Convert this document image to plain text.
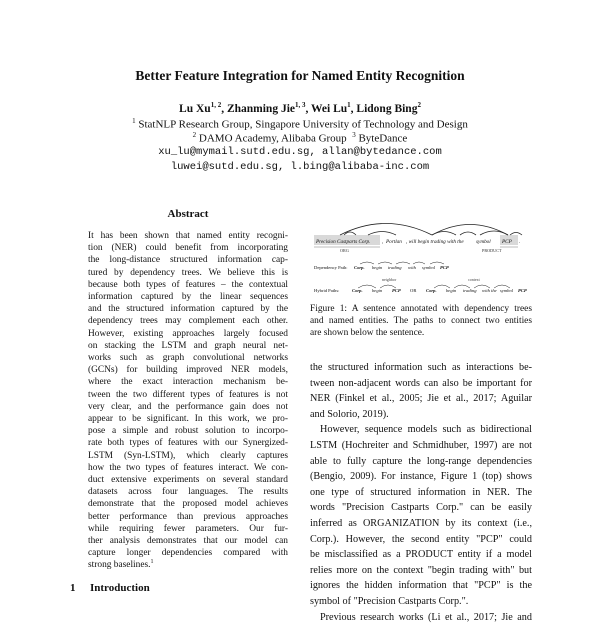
Better Feature Integration for Named Entity Recognition
Lu Xu$^{1, 2}$, Zhanming Jie$^{1, 3}$, Wei Lu$^1$, Lidong Bing$^2$
$^1$ StatNLP Research Group, Singapore University of Technology and Design
$^2$ DAMO Academy, Alibaba Group $^3$ ByteDance
xu_lu@mymail.sutd.edu.sg, allan@bytedance.com
luwei@sutd.edu.sg, l.bing@alibaba-inc.com
Abstract
It has been shown that named entity recogni-
tion (NER) could benefit from incorporating
the long-distance structured information cap-
tured by dependency trees. We believe this is
because both types of features – the contextual
information captured by the linear sequences
and the structured information captured by the
dependency trees may complement each other.
However, existing approaches largely focused
on stacking the LSTM and graph neural net-
works such as graph convolutional networks
(GCNs) for building improved NER models,
where the exact interaction mechanism be-
tween the two different types of features is not
very clear, and the performance gain does not
appear to be significant. In this work, we pro-
pose a simple and robust solution to incorpo-
rate both types of features with our Synergized-
LSTM (Syn-LSTM), which clearly captures
how the two types of features interact. We con-
duct extensive experiments on several standard
datasets across four languages. The results
demonstrate that the proposed model achieves
better performance than previous approaches
while requiring fewer parameters. Our fur-
ther analysis demonstrates that our model can
capture longer dependencies compared with
strong baselines.$^1$
1 Introduction
Precision Castparts Corp. , Portlan , will begin trading with the symbol PCP .
ORG	PRODUCT
Dependency Path: Corp. begin trading with symbol PCP
neighbor	context
Hybrid Paths:	Corp. begin PCP OR Corp. begin trading with the symbol PCP
Figure 1: A sentence annotated with dependency trees
and named entities. The paths to connect two entities
are shown below the sentence.
the structured information such as interactions be-
tween non-adjacent words can also be important for
NER (Finkel et al., 2005; Jie et al., 2017; Aguilar
and Solorio, 2019).
However, sequence models such as bidirectional
LSTM (Hochreiter and Schmidhuber, 1997) are not
able to fully capture the long-range dependencies
(Bengio, 2009). For instance, Figure 1 (top) shows
one type of structured information in NER. The
words "Precision Castparts Corp." can be easily
inferred as ORGANIZATION by its context (i.e.,
Corp.). However, the second entity "PCP" could
be misclassified as a PRODUCT entity if a model
relies more on the context "begin trading with" but
ignores the hidden information that "PCP" is the
symbol of "Precision Castparts Corp.".
Previous research works (Li et al., 2017; Jie and
